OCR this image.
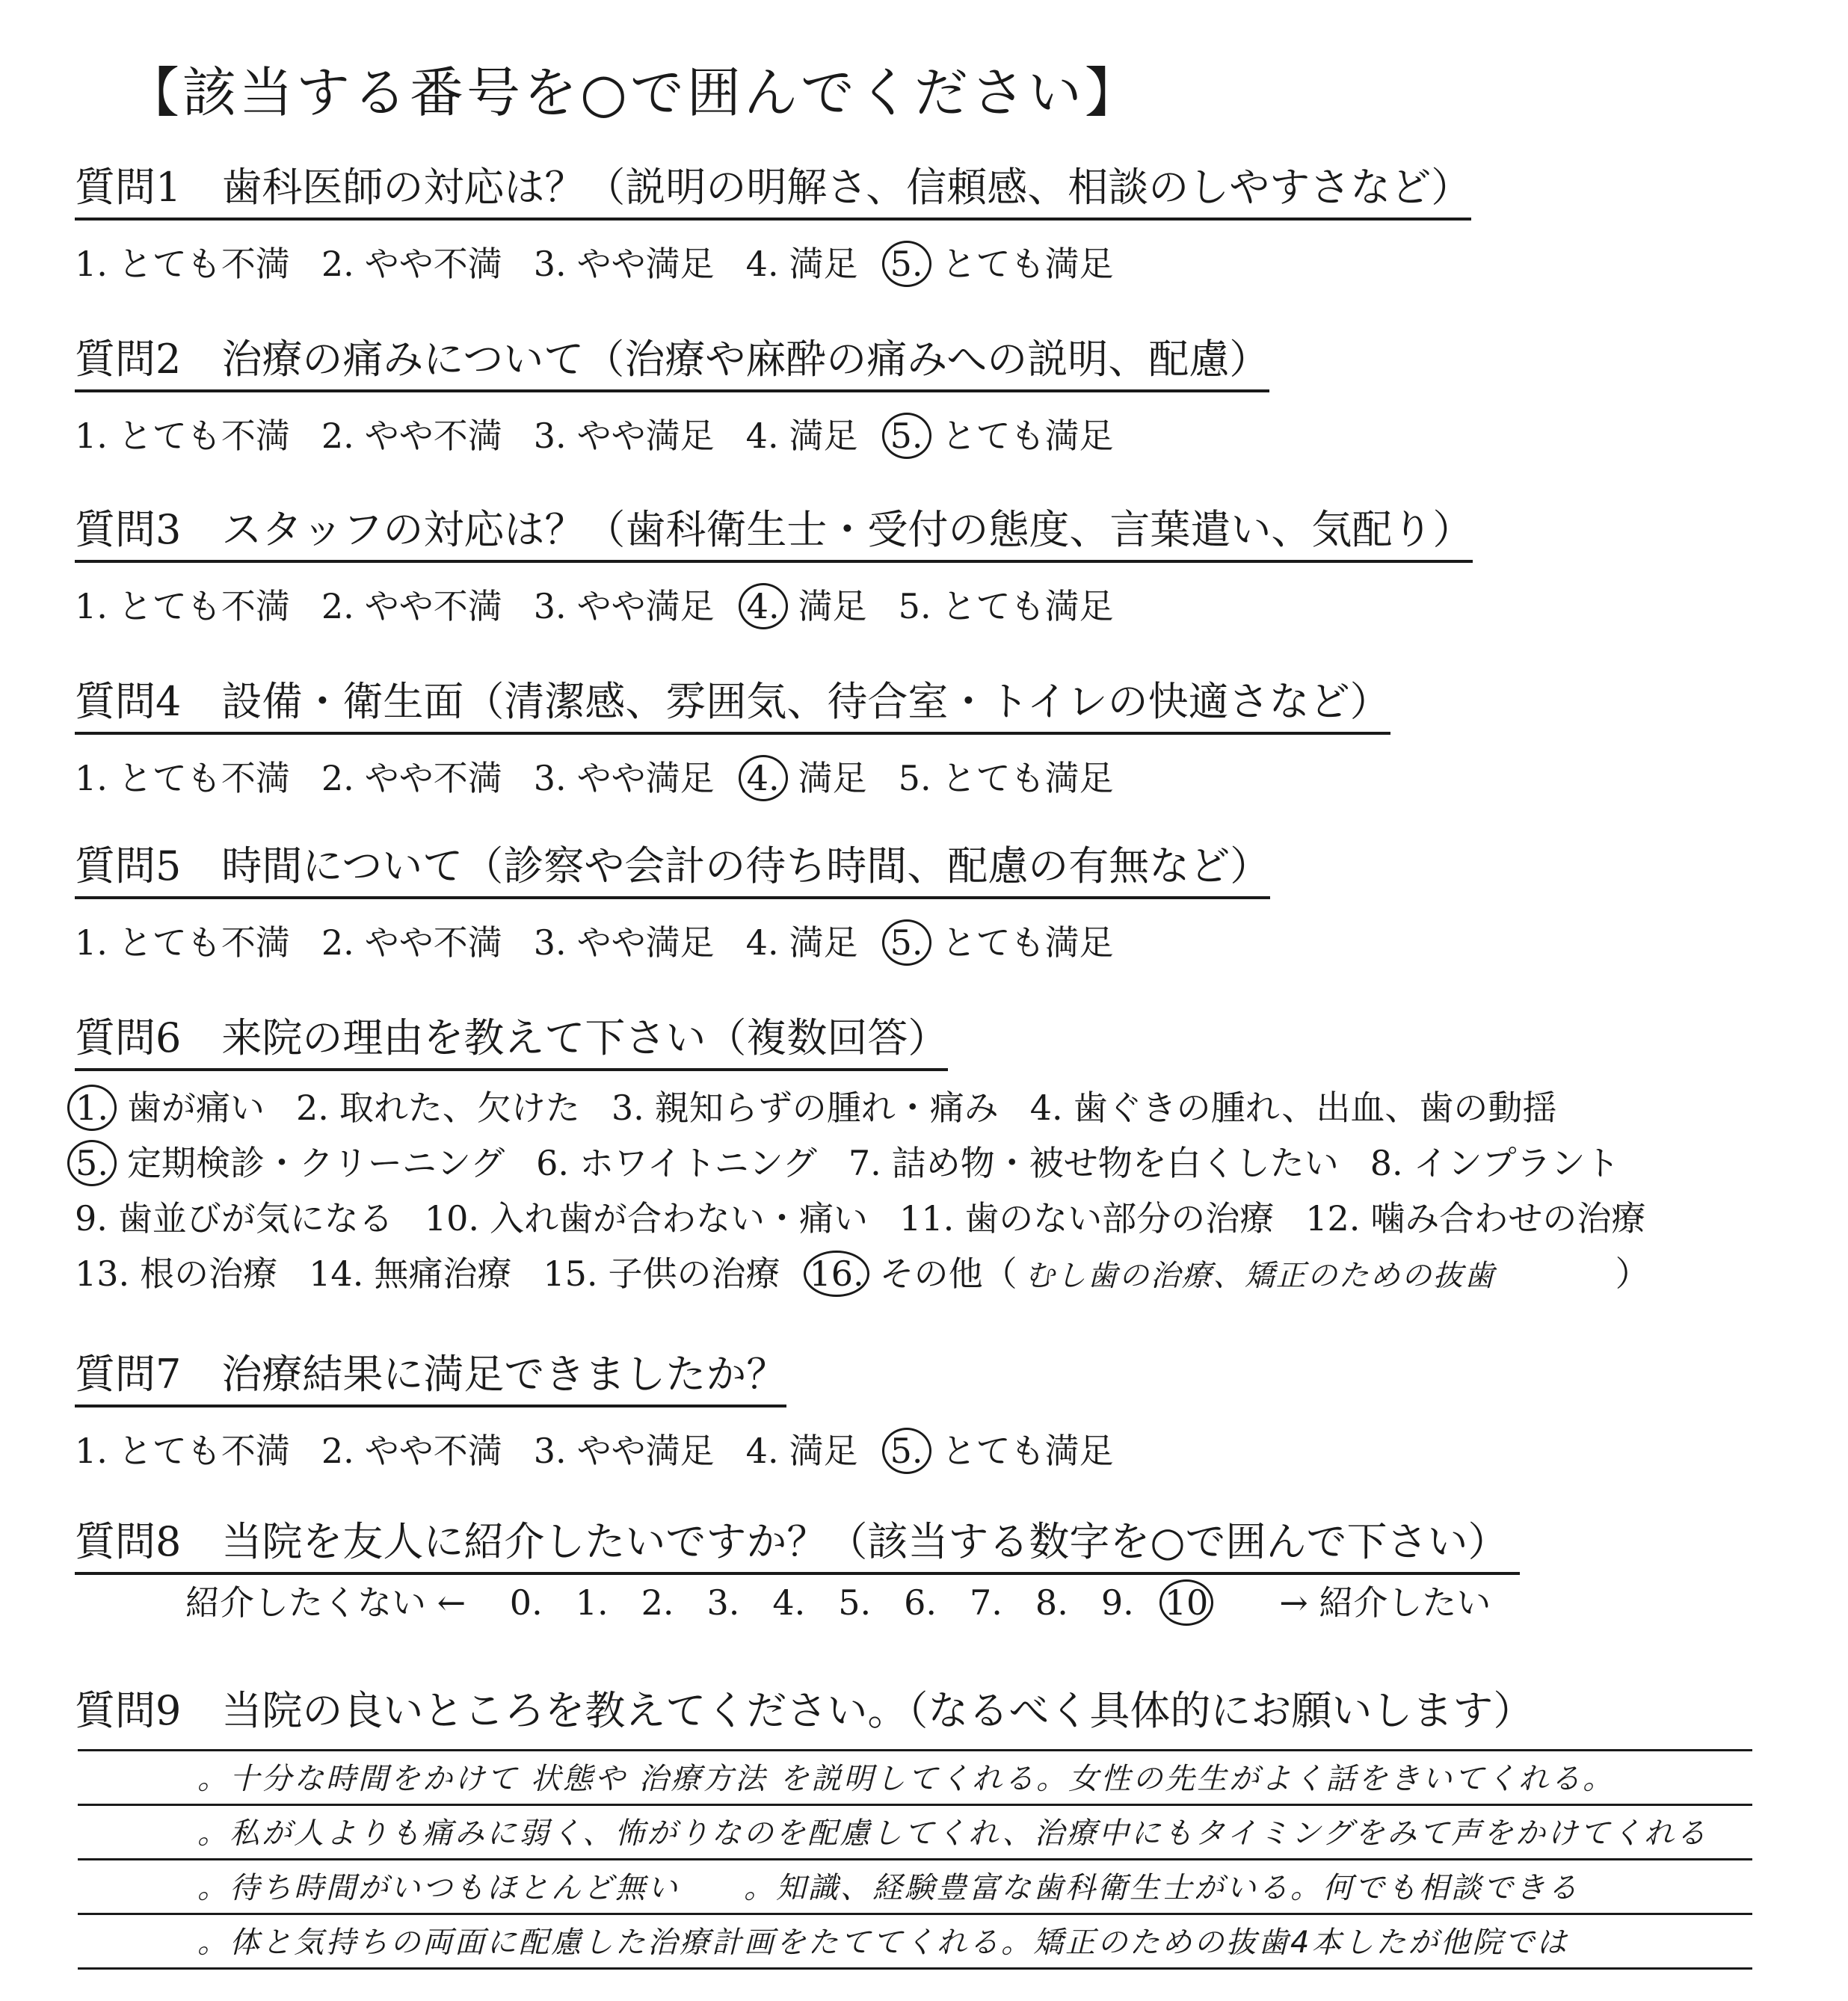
【該当する番号を○で囲んでください】
質問1 歯科医師の対応は？（説明の明解さ、信頼感、相談のしやすさなど）
1. とても不満 2. やや不満 3. やや満足 4. 満足 5. とても満足
質問2 治療の痛みについて（治療や麻酔の痛みへの説明、配慮）
1. とても不満 2. やや不満 3. やや満足 4. 満足 5. とても満足
質問3 スタッフの対応は？（歯科衛生士・受付の態度、言葉遣い、気配り）
1. とても不満 2. やや不満 3. やや満足 4. 満足 5. とても満足
質問4 設備・衛生面（清潔感、雰囲気、待合室・トイレの快適さなど）
1. とても不満 2. やや不満 3. やや満足 4. 満足 5. とても満足
質問5 時間について（診察や会計の待ち時間、配慮の有無など）
1. とても不満 2. やや不満 3. やや満足 4. 満足 5. とても満足
質問6 来院の理由を教えて下さい（複数回答）
1. 歯が痛い 2. 取れた、欠けた 3. 親知らずの腫れ・痛み 4. 歯ぐきの腫れ、出血、歯の動揺
5. 定期検診・クリーニング 6. ホワイトニング 7. 詰め物・被せ物を白くしたい 8. インプラント
9. 歯並びが気になる 10. 入れ歯が合わない・痛い 11. 歯のない部分の治療 12. 噛み合わせの治療
13. 根の治療 14. 無痛治療 15. 子供の治療 16. その他（ むし歯の治療、矯正のための抜歯	）
質問7 治療結果に満足できましたか？
1. とても不満 2. やや不満 3. やや満足 4. 満足 5. とても満足
質問8 当院を友人に紹介したいですか？（該当する数字を○で囲んで下さい）
紹介したくない ← 0. 1. 2. 3. 4. 5. 6. 7. 8. 9. 10 → 紹介したい
質問9 当院の良いところを教えてください。（なるべく具体的にお願いします）
。十分な時間をかけて 状態や 治療方法 を説明してくれる。女性の先生がよく話をきいてくれる。
。私が人よりも痛みに弱く、怖がりなのを配慮してくれ、治療中にもタイミングをみて声をかけてくれる
。待ち時間がいつもほとんど無い　　。知識、経験豊富な歯科衛生士がいる。何でも相談できる
。体と気持ちの両面に配慮した治療計画をたててくれる。矯正のための抜歯4本したが他院では
